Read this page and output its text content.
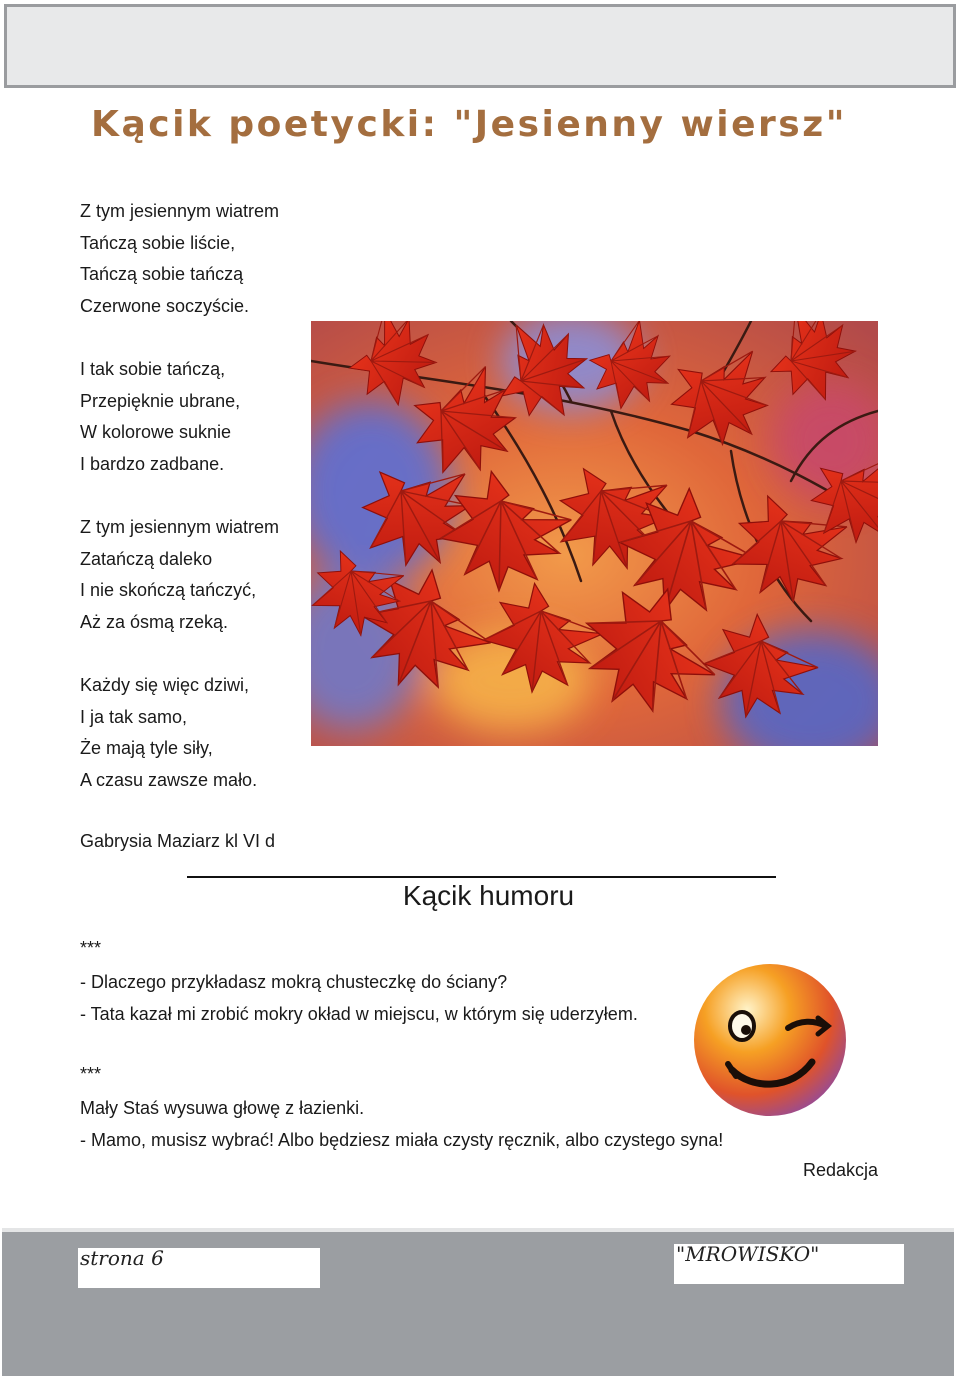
Kącik poetycki: "Jesienny wiersz"
Z tym jesiennym wiatrem
Tańczą sobie liście,
Tańczą sobie tańczą
Czerwone soczyście.
I tak sobie tańczą,
Przepięknie ubrane,
W kolorowe suknie
I bardzo zadbane.
Z tym jesiennym wiatrem
Zatańczą daleko
I nie skończą tańczyć,
Aż za ósmą rzeką.
Każdy się więc dziwi,
I ja tak samo,
Że mają tyle siły,
A czasu zawsze mało.
Gabrysia Maziarz kl VI d
Kącik humoru
***
- Dlaczego przykładasz mokrą chusteczkę do ściany?
- Tata kazał mi zrobić mokry okład w miejscu, w którym się uderzyłem.
***
Mały Staś wysuwa głowę z łazienki.
- Mamo, musisz wybrać! Albo będziesz miała czysty ręcznik, albo czystego syna!
Redakcja
strona 6	"MROWISKO"
